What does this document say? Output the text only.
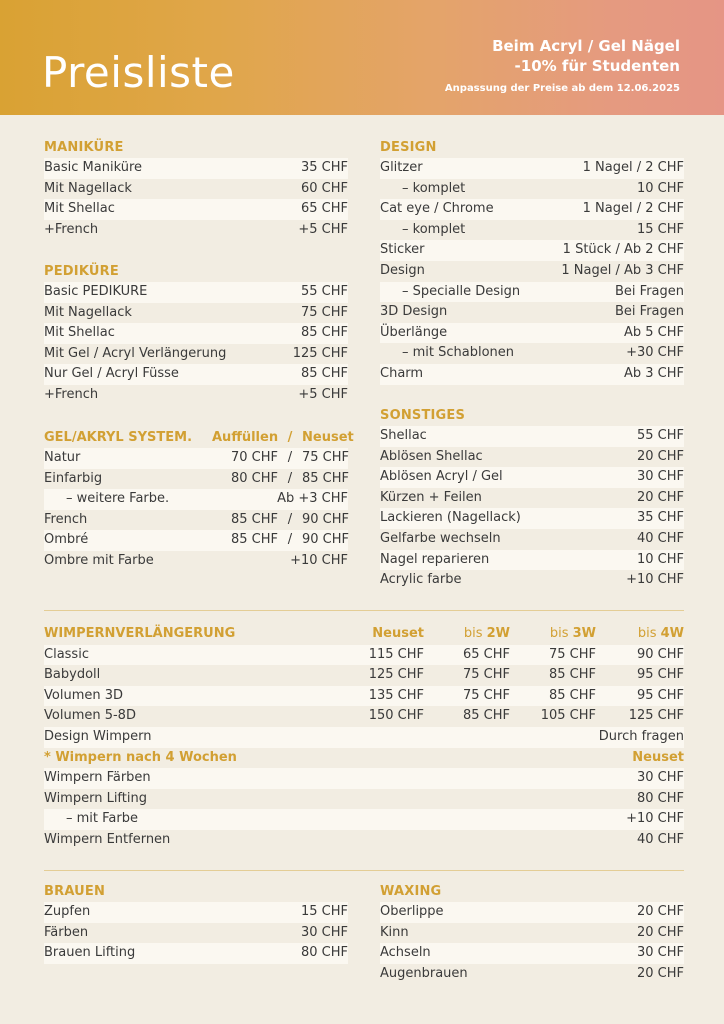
Preisliste
Beim Acryl / Gel Nägel
-10% für Studenten
Anpassung der Preise ab dem 12.06.2025
MANIKÜRE
Basic Maniküre	35 CHF
Mit Nagellack	60 CHF
Mit Shellac	65 CHF
+French	+5 CHF
PEDIKÜRE
Basic PEDIKURE	55 CHF
Mit Nagellack	75 CHF
Mit Shellac	85 CHF
Mit Gel / Acryl Verlängerung	125 CHF
Nur Gel / Acryl Füsse	85 CHF
+French	+5 CHF
GEL/AKRYL SYSTEM.	Auffüllen / Neuset
Natur	70 CHF / 75 CHF
Einfarbig	80 CHF / 85 CHF
– weitere Farbe.	Ab +3 CHF
French	85 CHF / 90 CHF
Ombré	85 CHF / 90 CHF
Ombre mit Farbe	+10 CHF
DESIGN
Glitzer	1 Nagel / 2 CHF
– komplet	10 CHF
Cat eye / Chrome	1 Nagel / 2 CHF
– komplet	15 CHF
Sticker	1 Stück / Ab 2 CHF
Design	1 Nagel / Ab 3 CHF
– Specialle Design	Bei Fragen
3D Design	Bei Fragen
Überlänge	Ab 5 CHF
– mit Schablonen	+30 CHF
Charm	Ab 3 CHF
SONSTIGES
Shellac	55 CHF
Ablösen Shellac	20 CHF
Ablösen Acryl / Gel	30 CHF
Kürzen + Feilen	20 CHF
Lackieren (Nagellack)	35 CHF
Gelfarbe wechseln	40 CHF
Nagel reparieren	10 CHF
Acrylic farbe	+10 CHF
WIMPERNVERLÄNGERUNG	Neuset	bis 2W	bis 3W	bis 4W
Classic	115 CHF	65 CHF	75 CHF	90 CHF
Babydoll	125 CHF	75 CHF	85 CHF	95 CHF
Volumen 3D	135 CHF	75 CHF	85 CHF	95 CHF
Volumen 5-8D	150 CHF	85 CHF	105 CHF	125 CHF
Design Wimpern	Durch fragen
* Wimpern nach 4 Wochen	Neuset
Wimpern Färben	30 CHF
Wimpern Lifting	80 CHF
– mit Farbe	+10 CHF
Wimpern Entfernen	40 CHF
BRAUEN
Zupfen	15 CHF
Färben	30 CHF
Brauen Lifting	80 CHF
WAXING
Oberlippe	20 CHF
Kinn	20 CHF
Achseln	30 CHF
Augenbrauen	20 CHF
